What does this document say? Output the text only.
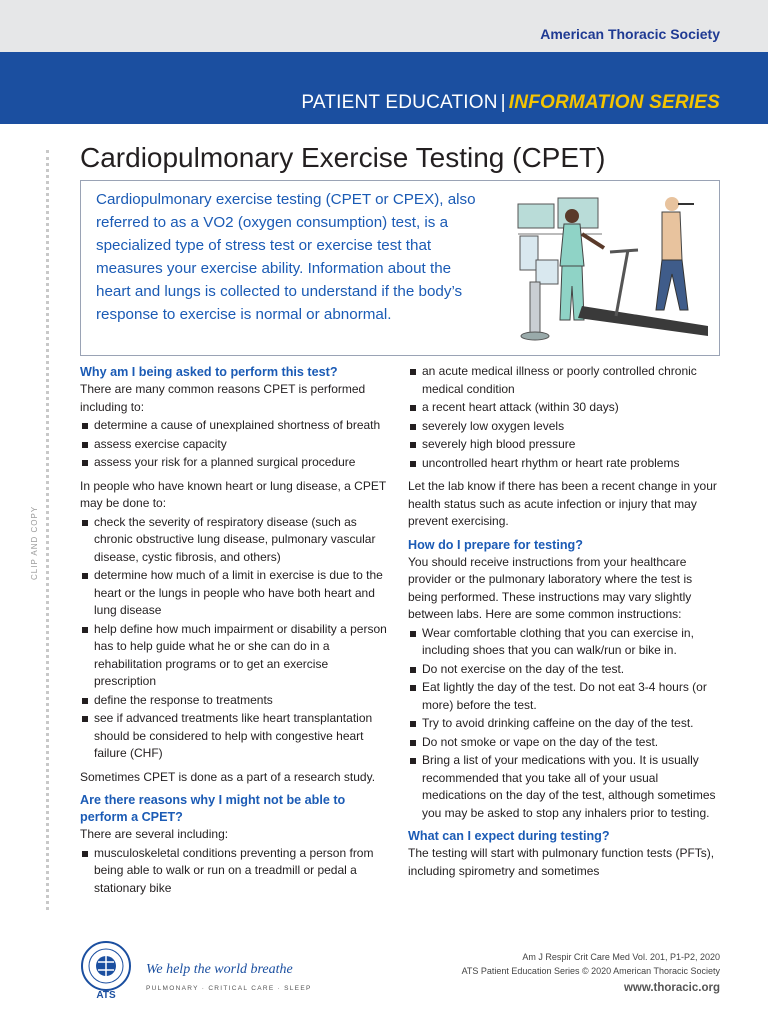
American Thoracic Society
PATIENT EDUCATION | INFORMATION SERIES
CLIP AND COPY
Cardiopulmonary Exercise Testing (CPET)
Cardiopulmonary exercise testing (CPET or CPEX), also referred to as a VO2 (oxygen consumption) test, is a specialized type of stress test or exercise test that measures your exercise ability. Information about the heart and lungs is collected to understand if the body’s response to exercise is normal or abnormal.
Why am I being asked to perform this test?
There are many common reasons CPET is performed including to:
determine a cause of unexplained shortness of breath
assess exercise capacity
assess your risk for a planned surgical procedure
In people who have known heart or lung disease, a CPET may be done to:
check the severity of respiratory disease (such as chronic obstructive lung disease, pulmonary vascular disease, cystic fibrosis, and others)
determine how much of a limit in exercise is due to the heart or the lungs in people who have both heart and lung disease
help define how much impairment or disability a person has to help guide what he or she can do in a rehabilitation programs or to get an exercise prescription
define the response to treatments
see if advanced treatments like heart transplantation should be considered to help with congestive heart failure (CHF)
Sometimes CPET is done as a part of a research study.
Are there reasons why I might not be able to perform a CPET?
There are several including:
musculoskeletal conditions preventing a person from being able to walk or run on a treadmill or pedal a stationary bike
an acute medical illness or poorly controlled chronic medical condition
a recent heart attack (within 30 days)
severely low oxygen levels
severely high blood pressure
uncontrolled heart rhythm or heart rate problems
Let the lab know if there has been a recent change in your health status such as acute infection or injury that may prevent exercising.
How do I prepare for testing?
You should receive instructions from your healthcare provider or the pulmonary laboratory where the test is being performed. These instructions may vary slightly between labs. Here are some common instructions:
Wear comfortable clothing that you can exercise in, including shoes that you can walk/run or bike in.
Do not exercise on the day of the test.
Eat lightly the day of the test. Do not eat 3-4 hours (or more) before the test.
Try to avoid drinking caffeine on the day of the test.
Do not smoke or vape on the day of the test.
Bring a list of your medications with you. It is usually recommended that you take all of your usual medications on the day of the test, although sometimes you may be asked to stop any inhalers prior to testing.
What can I expect during testing?
The testing will start with pulmonary function tests (PFTs), including spirometry and sometimes
ATS
We help the world breathe
PULMONARY · CRITICAL CARE · SLEEP
Am J Respir Crit Care Med Vol. 201, P1-P2, 2020
ATS Patient Education Series © 2020 American Thoracic Society
www.thoracic.org
